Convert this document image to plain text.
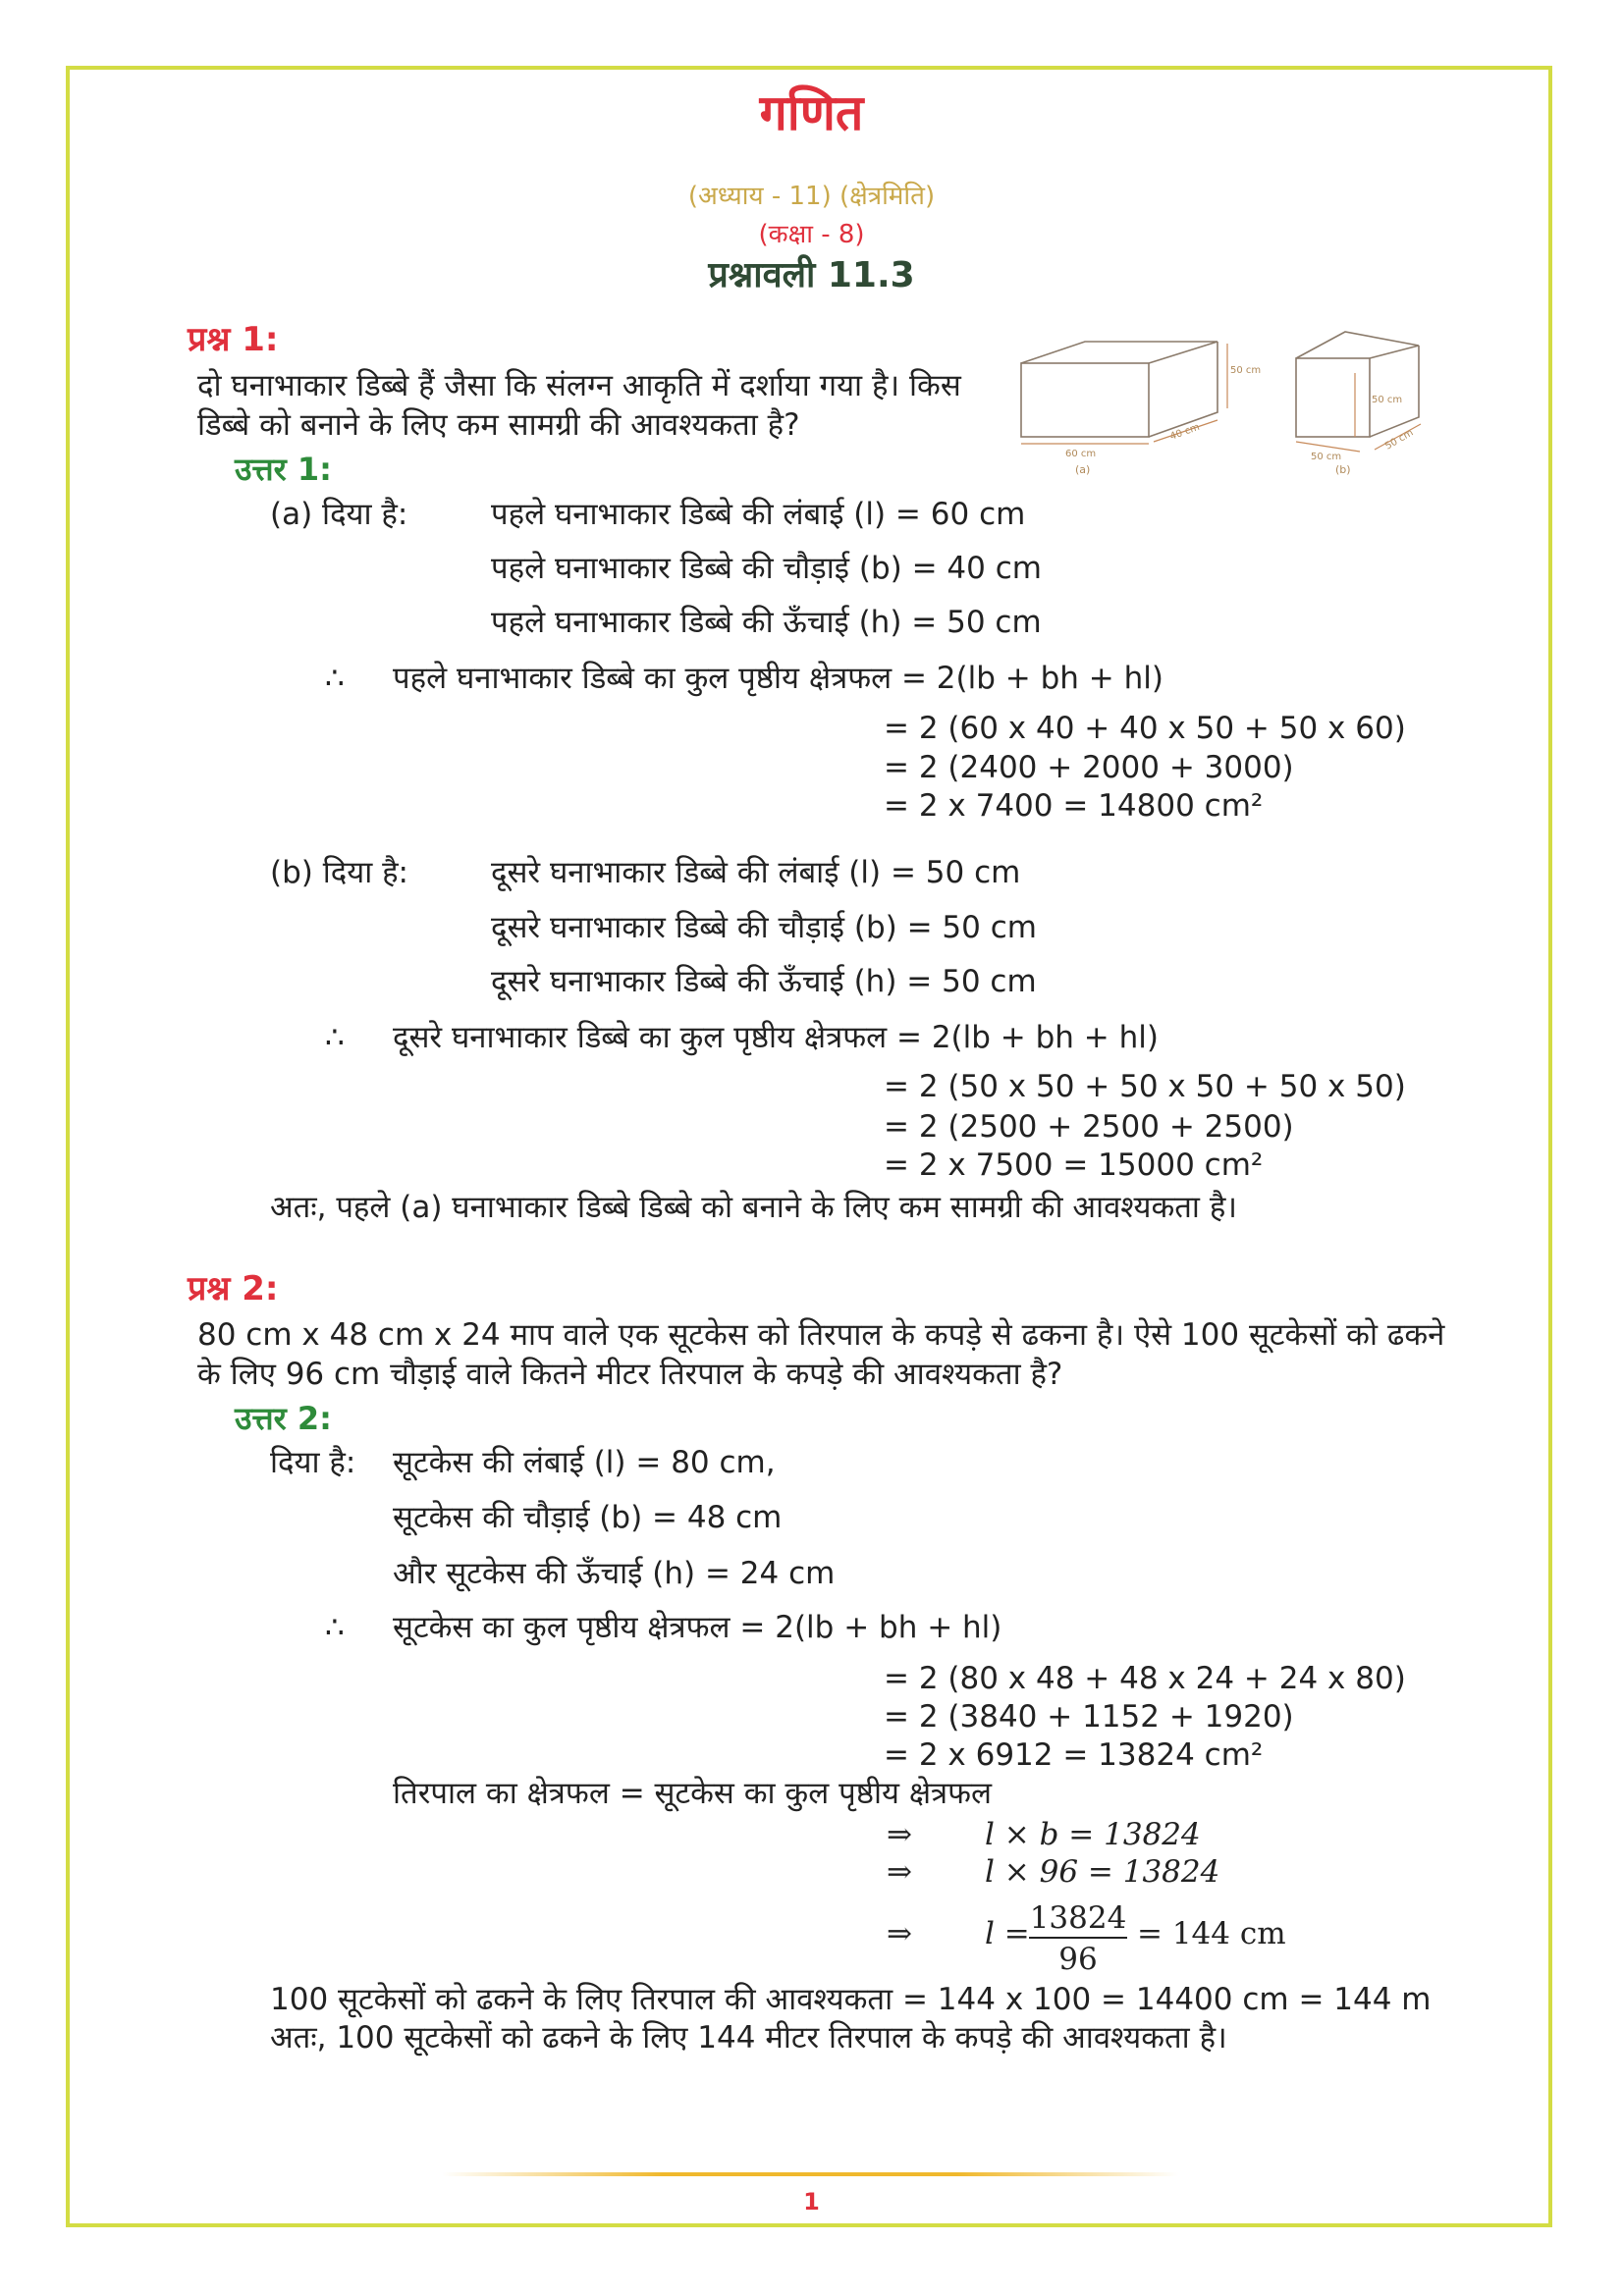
गणित
(अध्याय - 11) (क्षेत्रमिति)
(कक्षा - 8)
प्रश्नावली 11.3
प्रश्न 1:
दो घनाभाकार डिब्बे हैं जैसा कि संलग्न आकृति में दर्शाया गया है। किस
डिब्बे को बनाने के लिए कम सामग्री की आवश्यकता है?
60 cm
40 cm
50 cm
(a)
50 cm
50 cm
50 cm
(b)
उत्तर 1:
(a) दिया है:	पहले घनाभाकार डिब्बे की लंबाई (l) = 60 cm
पहले घनाभाकार डिब्बे की चौड़ाई (b) = 40 cm
पहले घनाभाकार डिब्बे की ऊँचाई (h) = 50 cm
∴ पहले घनाभाकार डिब्बे का कुल पृष्ठीय क्षेत्रफल = 2(lb + bh + hl)
= 2 (60 x 40 + 40 x 50 + 50 x 60)
= 2 (2400 + 2000 + 3000)
= 2 x 7400 = 14800 cm²
(b) दिया है:	दूसरे घनाभाकार डिब्बे की लंबाई (l) = 50 cm
दूसरे घनाभाकार डिब्बे की चौड़ाई (b) = 50 cm
दूसरे घनाभाकार डिब्बे की ऊँचाई (h) = 50 cm
∴ दूसरे घनाभाकार डिब्बे का कुल पृष्ठीय क्षेत्रफल = 2(lb + bh + hl)
= 2 (50 x 50 + 50 x 50 + 50 x 50)
= 2 (2500 + 2500 + 2500)
= 2 x 7500 = 15000 cm²
अतः, पहले (a) घनाभाकार डिब्बे डिब्बे को बनाने के लिए कम सामग्री की आवश्यकता है।
प्रश्न 2:
80 cm x 48 cm x 24 माप वाले एक सूटकेस को तिरपाल के कपड़े से ढकना है। ऐसे 100 सूटकेसों को ढकने
के लिए 96 cm चौड़ाई वाले कितने मीटर तिरपाल के कपड़े की आवश्यकता है?
उत्तर 2:
दिया है: सूटकेस की लंबाई (l) = 80 cm,
सूटकेस की चौड़ाई (b) = 48 cm
और सूटकेस की ऊँचाई (h) = 24 cm
∴ सूटकेस का कुल पृष्ठीय क्षेत्रफल = 2(lb + bh + hl)
= 2 (80 x 48 + 48 x 24 + 24 x 80)
= 2 (3840 + 1152 + 1920)
= 2 x 6912 = 13824 cm²
तिरपाल का क्षेत्रफल = सूटकेस का कुल पृष्ठीय क्षेत्रफल
⇒ l × b = 13824
⇒ l × 96 = 13824
⇒ l = 13824
96
= 144 cm
100 सूटकेसों को ढकने के लिए तिरपाल की आवश्यकता = 144 x 100 = 14400 cm = 144 m
अतः, 100 सूटकेसों को ढकने के लिए 144 मीटर तिरपाल के कपड़े की आवश्यकता है।
1
